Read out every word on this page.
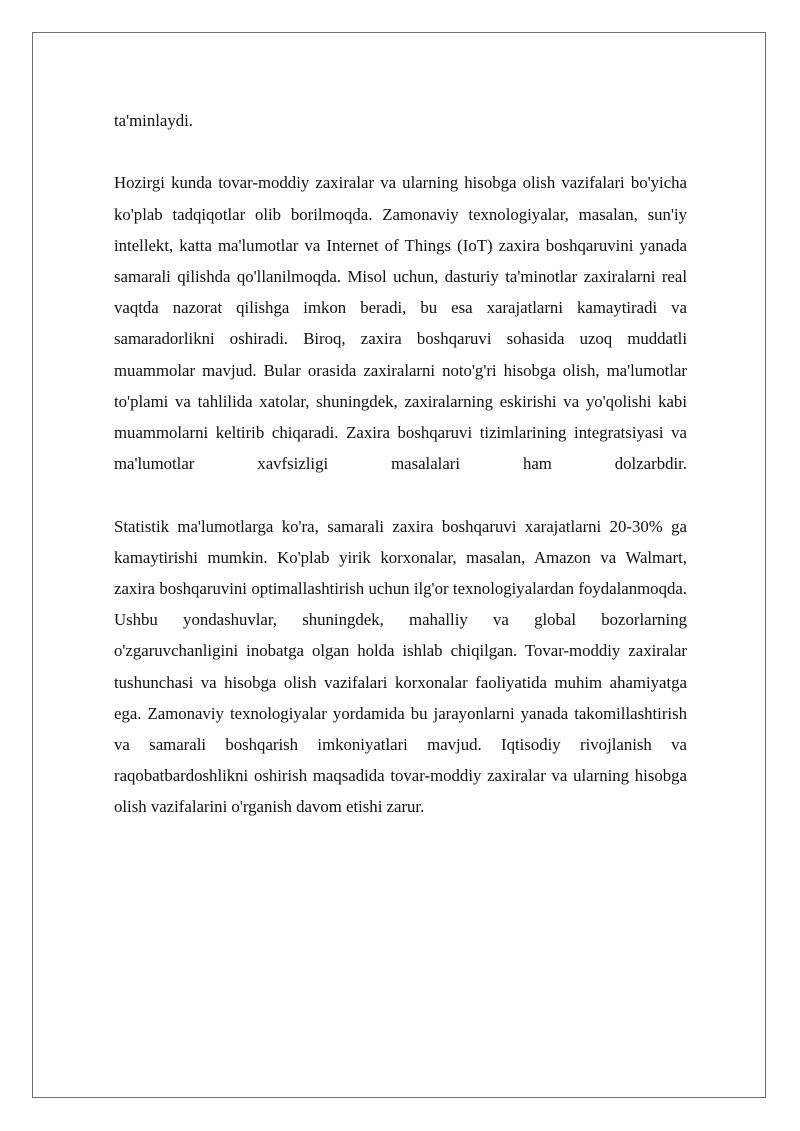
ta'minlaydi.

Hozirgi kunda tovar-moddiy zaxiralar va ularning hisobga olish vazifalari bo'yicha ko'plab tadqiqotlar olib borilmoqda. Zamonaviy texnologiyalar, masalan, sun'iy intellekt, katta ma'lumotlar va Internet of Things (IoT) zaxira boshqaruvini yanada samarali qilishda qo'llanilmoqda. Misol uchun, dasturiy ta'minotlar zaxiralarni real vaqtda nazorat qilishga imkon beradi, bu esa xarajatlarni kamaytiradi va samaradorlikni oshiradi. Biroq, zaxira boshqaruvi sohasida uzoq muddatli muammolar mavjud. Bular orasida zaxiralarni noto'g'ri hisobga olish, ma'lumotlar to'plami va tahlilida xatolar, shuningdek, zaxiralarning eskirishi va yo'qolishi kabi muammolarni keltirib chiqaradi. Zaxira boshqaruvi tizimlarining integratsiyasi va ma'lumotlar xavfsizligi masalalari ham dolzarbdir.

Statistik ma'lumotlarga ko'ra, samarali zaxira boshqaruvi xarajatlarni 20-30% ga kamaytirishi mumkin. Ko'plab yirik korxonalar, masalan, Amazon va Walmart, zaxira boshqaruvini optimallashtirish uchun ilg'or texnologiyalardan foydalanmoqda. Ushbu yondashuvlar, shuningdek, mahalliy va global bozorlarning o'zgaruvchanligini inobatga olgan holda ishlab chiqilgan. Tovar-moddiy zaxiralar tushunchasi va hisobga olish vazifalari korxonalar faoliyatida muhim ahamiyatga ega. Zamonaviy texnologiyalar yordamida bu jarayonlarni yanada takomillashtirish va samarali boshqarish imkoniyatlari mavjud. Iqtisodiy rivojlanish va raqobatbardoshlikni oshirish maqsadida tovar-moddiy zaxiralar va ularning hisobga olish vazifalarini o'rganish davom etishi zarur.
